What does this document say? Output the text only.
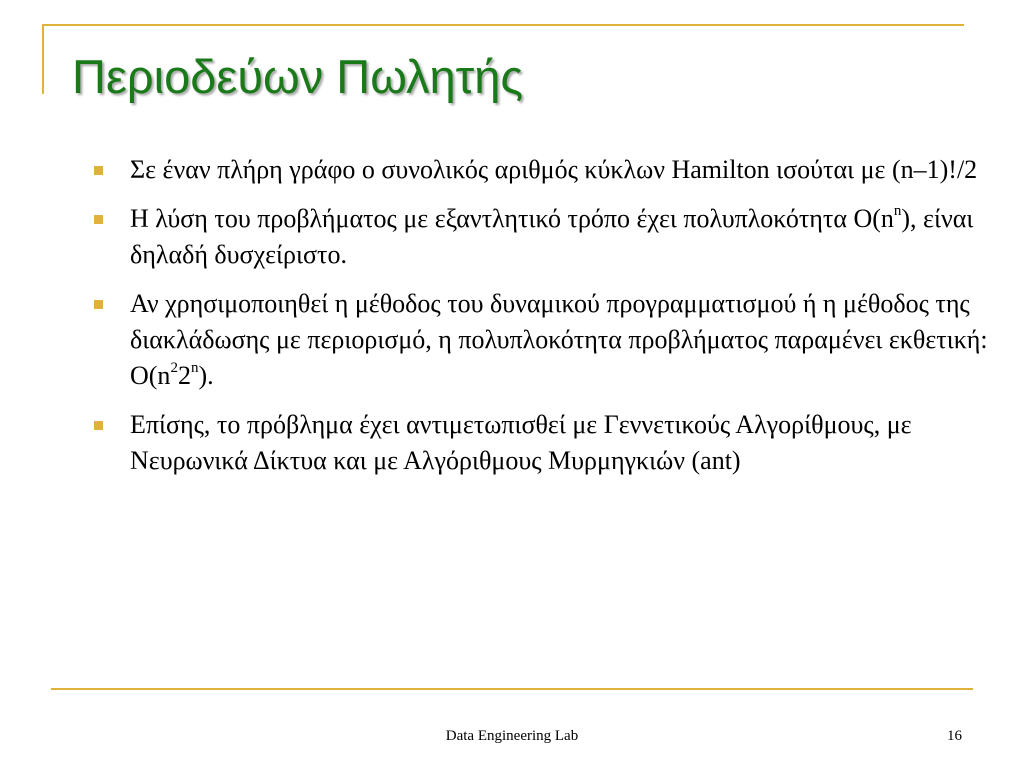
Περιοδεύων Πωλητής
Σε έναν πλήρη γράφο ο συνολικός αριθμός κύκλων Hamilton ισούται με (n–1)!/2
Η λύση του προβλήματος με εξαντλητικό τρόπο έχει πολυπλοκότητα $O(n^n)$, είναι δηλαδή δυσχείριστο.
Αν χρησιμοποιηθεί η μέθοδος του δυναμικού προγραμματισμού ή η μέθοδος της διακλάδωσης με περιορισμό, η πολυπλοκότητα προβλήματος παραμένει εκθετική: $O(n^22^n)$.
Επίσης, το πρόβλημα έχει αντιμετωπισθεί με Γεννετικούς Αλγορίθμους, με Νευρωνικά Δίκτυα και με Αλγόριθμους Μυρμηγκιών (ant)
Data Engineering Lab	16
